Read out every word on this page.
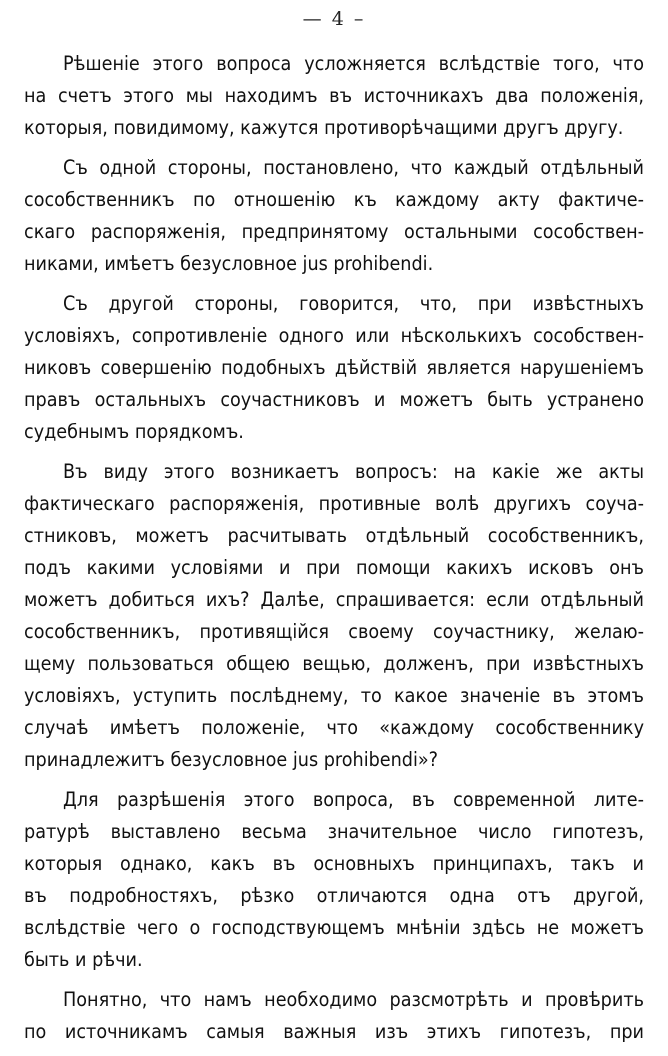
— 4 –
Рѣшеніе этого вопроса усложняется вслѣдствіе того, что
на счетъ этого мы находимъ въ источникахъ два положенія,
которыя, повидимому, кажутся противорѣчащими другъ другу.
Съ одной стороны, постановлено, что каждый отдѣльный
сособственникъ по отношенію къ каждому акту фактиче-
скаго распоряженія, предпринятому остальными сособствен-
никами, имѣетъ безусловное jus prohibendi.
Съ другой стороны, говорится, что, при извѣстныхъ
условіяхъ, сопротивленіе одного или нѣсколькихъ сособствен-
никовъ совершенію подобныхъ дѣйствій является нарушеніемъ
правъ остальныхъ соучастниковъ и можетъ быть устранено
судебнымъ порядкомъ.
Въ виду этого возникаетъ вопросъ: на какіе же акты
фактическаго распоряженія, противные волѣ другихъ соуча-
стниковъ, можетъ расчитывать отдѣльный сособственникъ,
подъ какими условіями и при помощи какихъ исковъ онъ
можетъ добиться ихъ? Далѣе, спрашивается: если отдѣльный
сособственникъ, противящійся своему соучастнику, желаю-
щему пользоваться общею вещью, долженъ, при извѣстныхъ
условіяхъ, уступить послѣднему, то какое значеніе въ этомъ
случаѣ имѣетъ положеніе, что «каждому сособственнику
принадлежитъ безусловное jus prohibendi»?
Для разрѣшенія этого вопроса, въ современной лите-
ратурѣ выставлено весьма значительное число гипотезъ,
которыя однако, какъ въ основныхъ принципахъ, такъ и
въ подробностяхъ, рѣзко отличаются одна отъ другой,
вслѣдствіе чего о господствующемъ мнѣніи здѣсь не можетъ
быть и рѣчи.
Понятно, что намъ необходимо разсмотрѣть и провѣрить
по источникамъ самыя важныя изъ этихъ гипотезъ, при
